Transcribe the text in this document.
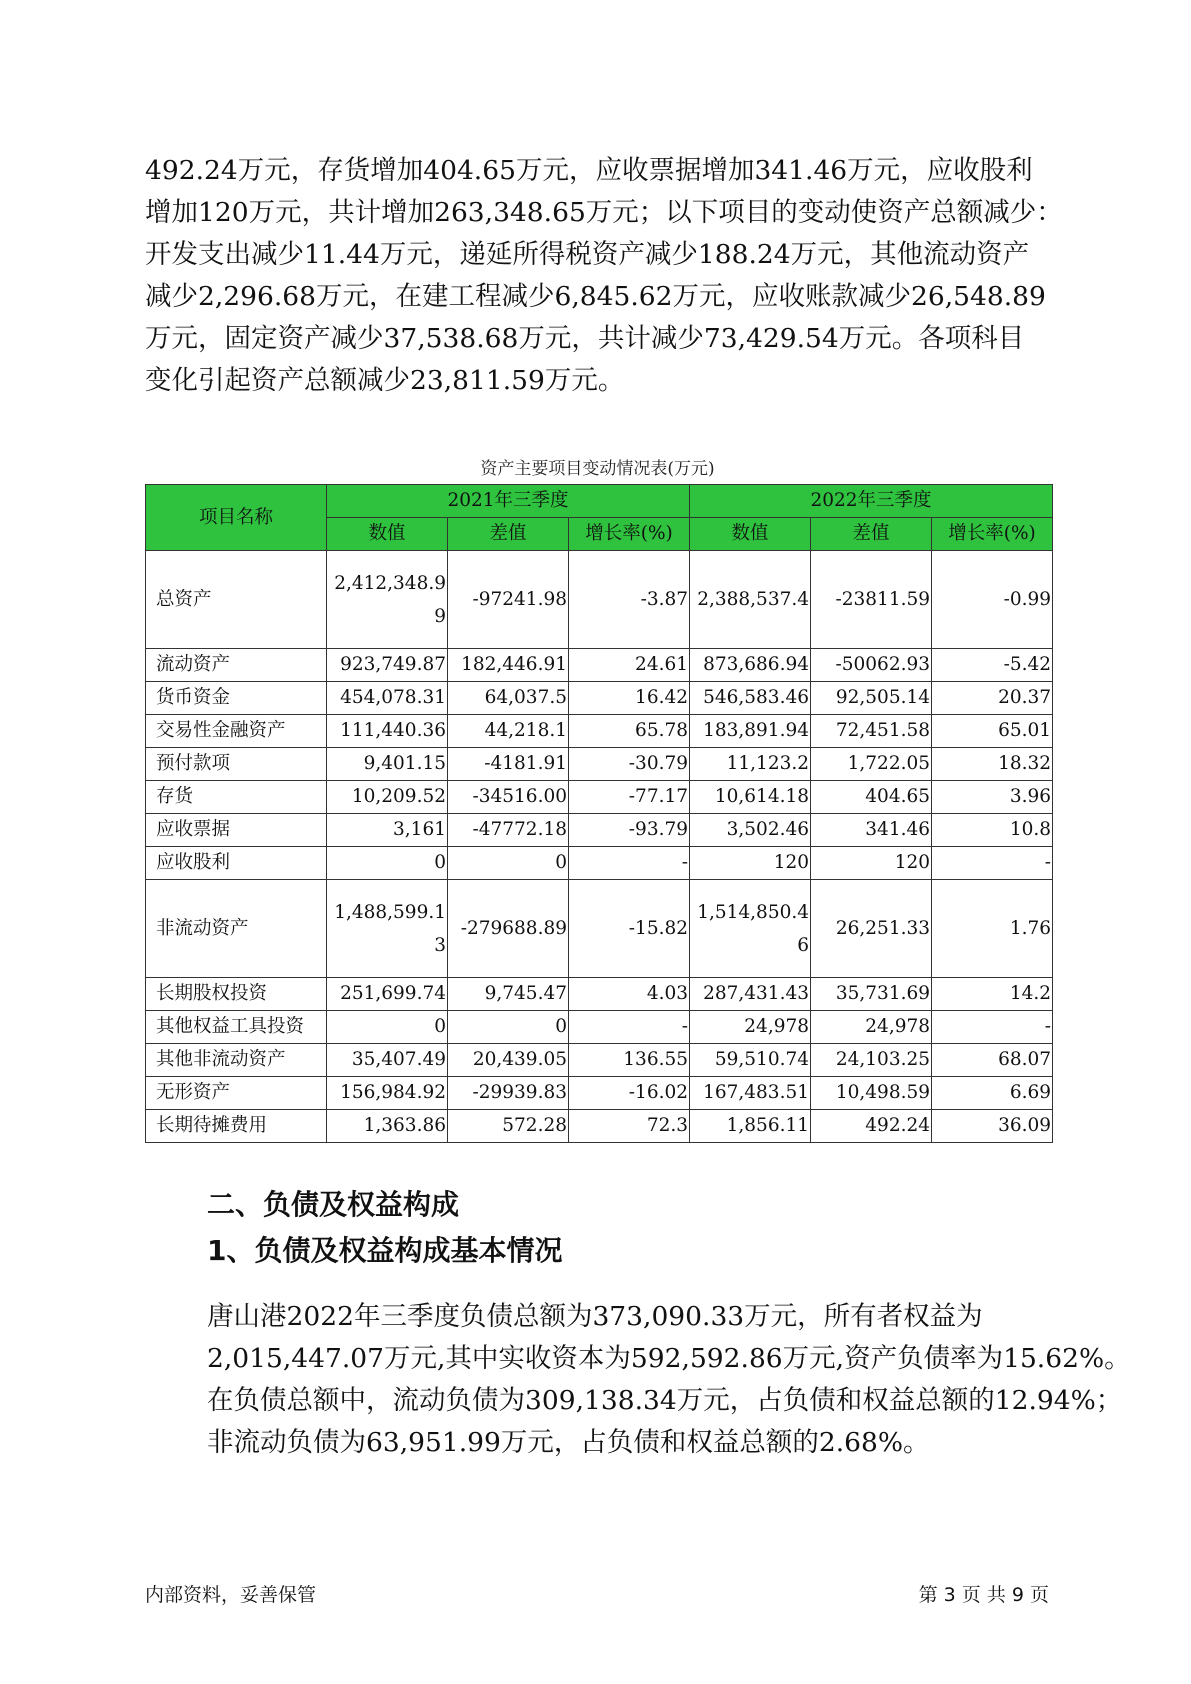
492.24万元，存货增加404.65万元，应收票据增加341.46万元，应收股利
增加120万元，共计增加263,348.65万元；以下项目的变动使资产总额减少：
开发支出减少11.44万元，递延所得税资产减少188.24万元，其他流动资产
减少2,296.68万元，在建工程减少6,845.62万元，应收账款减少26,548.89
万元，固定资产减少37,538.68万元，共计减少73,429.54万元。各项科目
变化引起资产总额减少23,811.59万元。
资产主要项目变动情况表(万元)
项目名称	2021年三季度			2022年三季度		
	数值	差值	增长率(%)	数值	差值	增长率(%)
总资产	2,412,348.99	-97241.98	-3.87	2,388,537.4	-23811.59	-0.99
流动资产	923,749.87	182,446.91	24.61	873,686.94	-50062.93	-5.42
货币资金	454,078.31	64,037.5	16.42	546,583.46	92,505.14	20.37
交易性金融资产	111,440.36	44,218.1	65.78	183,891.94	72,451.58	65.01
预付款项	9,401.15	-4181.91	-30.79	11,123.2	1,722.05	18.32
存货	10,209.52	-34516.00	-77.17	10,614.18	404.65	3.96
应收票据	3,161	-47772.18	-93.79	3,502.46	341.46	10.8
应收股利	0	0	-	120	120	-
非流动资产	1,488,599.13	-279688.89	-15.82	1,514,850.46	26,251.33	1.76
长期股权投资	251,699.74	9,745.47	4.03	287,431.43	35,731.69	14.2
其他权益工具投资	0	0	-	24,978	24,978	-
其他非流动资产	35,407.49	20,439.05	136.55	59,510.74	24,103.25	68.07
无形资产	156,984.92	-29939.83	-16.02	167,483.51	10,498.59	6.69
长期待摊费用	1,363.86	572.28	72.3	1,856.11	492.24	36.09
二、负债及权益构成
1、负债及权益构成基本情况
唐山港2022年三季度负债总额为373,090.33万元，所有者权益为
2,015,447.07万元,其中实收资本为592,592.86万元,资产负债率为15.62%。
在负债总额中，流动负债为309,138.34万元，占负债和权益总额的12.94%；
非流动负债为63,951.99万元，占负债和权益总额的2.68%。
内部资料，妥善保管	第 3 页 共 9 页
